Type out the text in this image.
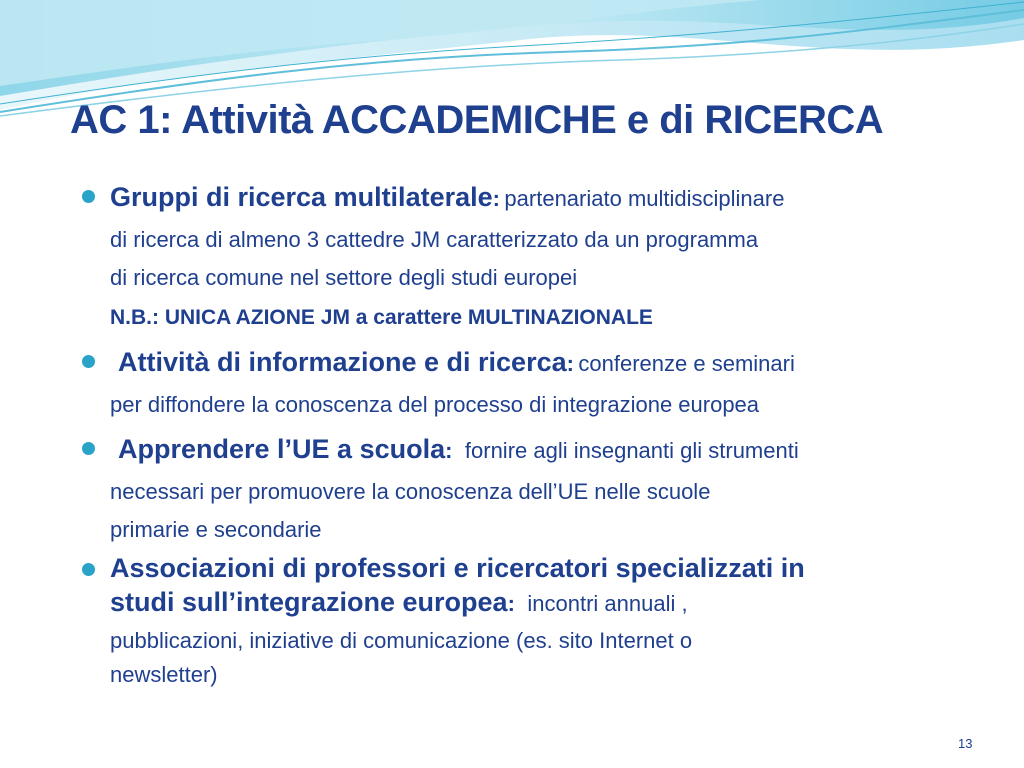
AC 1: Attività ACCADEMICHE e di RICERCA
Gruppi di ricerca multilaterale: partenariato multidisciplinare
di ricerca di almeno 3 cattedre JM caratterizzato da un programma
di ricerca comune nel settore degli studi europei
N.B.: UNICA AZIONE JM a carattere MULTINAZIONALE
Attività di informazione e di ricerca: conferenze e seminari
per diffondere la conoscenza del processo di integrazione europea
Apprendere l’UE a scuola: fornire agli insegnanti gli strumenti
necessari per promuovere la conoscenza dell’UE nelle scuole
primarie e secondarie
Associazioni di professori e ricercatori specializzati in
studi sull’integrazione europea: incontri annuali ,
pubblicazioni, iniziative di comunicazione (es. sito Internet o
newsletter)
13
